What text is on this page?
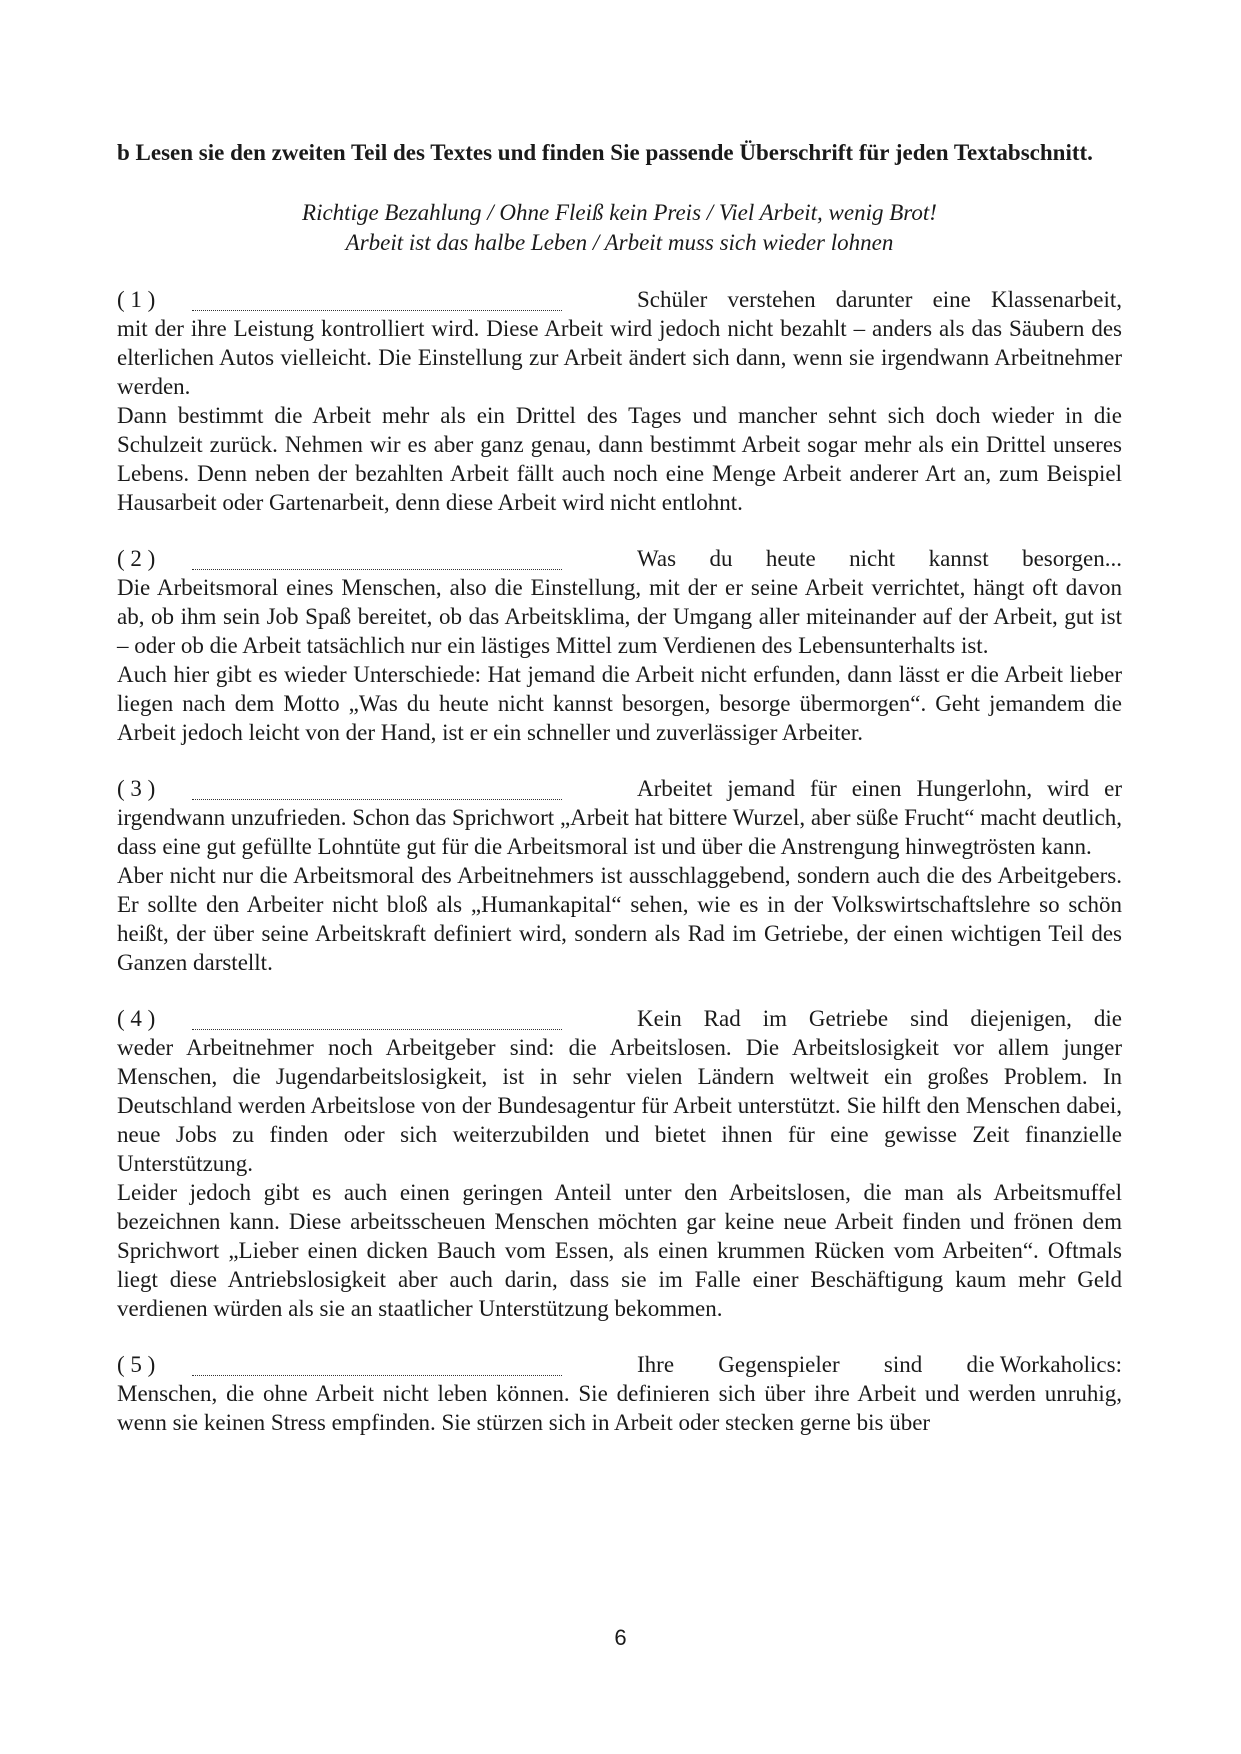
b Lesen sie den zweiten Teil des Textes und finden Sie passende Überschrift für jeden Textabschnitt.

Richtige Bezahlung / Ohne Fleiß kein Preis / Viel Arbeit, wenig Brot!
Arbeit ist das halbe Leben / Arbeit muss sich wieder lohnen
( 1 )	Schüler verstehen darunter eine Klassenarbeit,

mit der ihre Leistung kontrolliert wird. Diese Arbeit wird jedoch nicht bezahlt – anders als das Säubern des elterlichen Autos vielleicht. Die Einstellung zur Arbeit ändert sich dann, wenn sie irgendwann Arbeitnehmer werden.

Dann bestimmt die Arbeit mehr als ein Drittel des Tages und mancher sehnt sich doch wieder in die Schulzeit zurück. Nehmen wir es aber ganz genau, dann bestimmt Arbeit sogar mehr als ein Drittel unseres Lebens. Denn neben der bezahlten Arbeit fällt auch noch eine Menge Arbeit anderer Art an, zum Beispiel Hausarbeit oder Gartenarbeit, denn diese Arbeit wird nicht entlohnt.

( 2 )	Was du heute nicht kannst besorgen...

Die Arbeitsmoral eines Menschen, also die Einstellung, mit der er seine Arbeit verrichtet, hängt oft davon ab, ob ihm sein Job Spaß bereitet, ob das Arbeitsklima, der Umgang aller miteinander auf der Arbeit, gut ist – oder ob die Arbeit tatsächlich nur ein lästiges Mittel zum Verdienen des Lebensunterhalts ist.

Auch hier gibt es wieder Unterschiede: Hat jemand die Arbeit nicht erfunden, dann lässt er die Arbeit lieber liegen nach dem Motto „Was du heute nicht kannst besorgen, besorge übermorgen“. Geht jemandem die Arbeit jedoch leicht von der Hand, ist er ein schneller und zuverlässiger Arbeiter.

( 3 )	Arbeitet jemand für einen Hungerlohn, wird er

irgendwann unzufrieden. Schon das Sprichwort „Arbeit hat bittere Wurzel, aber süße Frucht“ macht deutlich, dass eine gut gefüllte Lohntüte gut für die Arbeitsmoral ist und über die Anstrengung hinwegtrösten kann.

Aber nicht nur die Arbeitsmoral des Arbeitnehmers ist ausschlaggebend, sondern auch die des Arbeitgebers. Er sollte den Arbeiter nicht bloß als „Humankapital“ sehen, wie es in der Volkswirtschaftslehre so schön heißt, der über seine Arbeitskraft definiert wird, sondern als Rad im Getriebe, der einen wichtigen Teil des Ganzen darstellt.

( 4 )	Kein Rad im Getriebe sind diejenigen, die

weder Arbeitnehmer noch Arbeitgeber sind: die Arbeitslosen. Die Arbeitslosigkeit vor allem junger Menschen, die Jugendarbeitslosigkeit, ist in sehr vielen Ländern weltweit ein großes Problem. In Deutschland werden Arbeitslose von der Bundesagentur für Arbeit unterstützt. Sie hilft den Menschen dabei, neue Jobs zu finden oder sich weiterzubilden und bietet ihnen für eine gewisse Zeit finanzielle Unterstützung.

Leider jedoch gibt es auch einen geringen Anteil unter den Arbeitslosen, die man als Arbeitsmuffel bezeichnen kann. Diese arbeitsscheuen Menschen möchten gar keine neue Arbeit finden und frönen dem Sprichwort „Lieber einen dicken Bauch vom Essen, als einen krummen Rücken vom Arbeiten“. Oftmals liegt diese Antriebslosigkeit aber auch darin, dass sie im Falle einer Beschäftigung kaum mehr Geld verdienen würden als sie an staatlicher Unterstützung bekommen.

( 5 )	Ihre Gegenspieler sind die Workaholics:

Menschen, die ohne Arbeit nicht leben können. Sie definieren sich über ihre Arbeit und werden unruhig, wenn sie keinen Stress empfinden. Sie stürzen sich in Arbeit oder stecken gerne bis über

6
